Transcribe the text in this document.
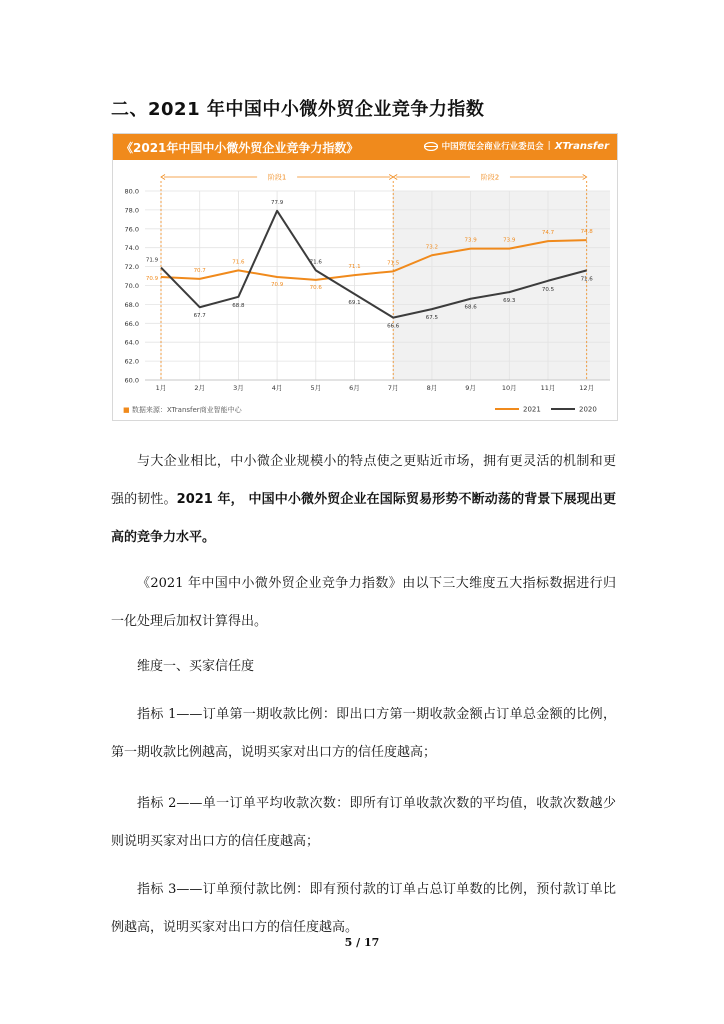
二、2021 年中国中小微外贸企业竞争力指数
《2021年中国中小微外贸企业竞争力指数》	中国贸促会商业行业委员会 | XTransfer
80.0
78.0
76.0
74.0
72.0
70.0
68.0
66.0
64.0
62.0
60.0
1月	2月	3月	4月	5月	6月	7月	8月	9月	10月	11月	12月
阶段1	阶段2
70.9
70.7
71.6
70.9	70.6
71.1
71.5
73.2
73.9	73.9
74.7	74.8
71.9
67.7
68.8
77.9
71.6
69.1
66.6
67.5
68.6
69.3
70.5
71.6
2021	2020
■ 数据来源：XTransfer商业智能中心
与大企业相比，中小微企业规模小的特点使之更贴近市场，拥有更灵活的机制和更强的韧性。2021 年， 中国中小微外贸企业在国际贸易形势不断动荡的背景下展现出更高的竞争力水平。
《2021 年中国中小微外贸企业竞争力指数》由以下三大维度五大指标数据进行归一化处理后加权计算得出。
维度一、买家信任度
指标 1——订单第一期收款比例：即出口方第一期收款金额占订单总金额的比例，第一期收款比例越高，说明买家对出口方的信任度越高；
指标 2——单一订单平均收款次数：即所有订单收款次数的平均值，收款次数越少则说明买家对出口方的信任度越高；
指标 3——订单预付款比例：即有预付款的订单占总订单数的比例，预付款订单比例越高，说明买家对出口方的信任度越高。
5 / 17
